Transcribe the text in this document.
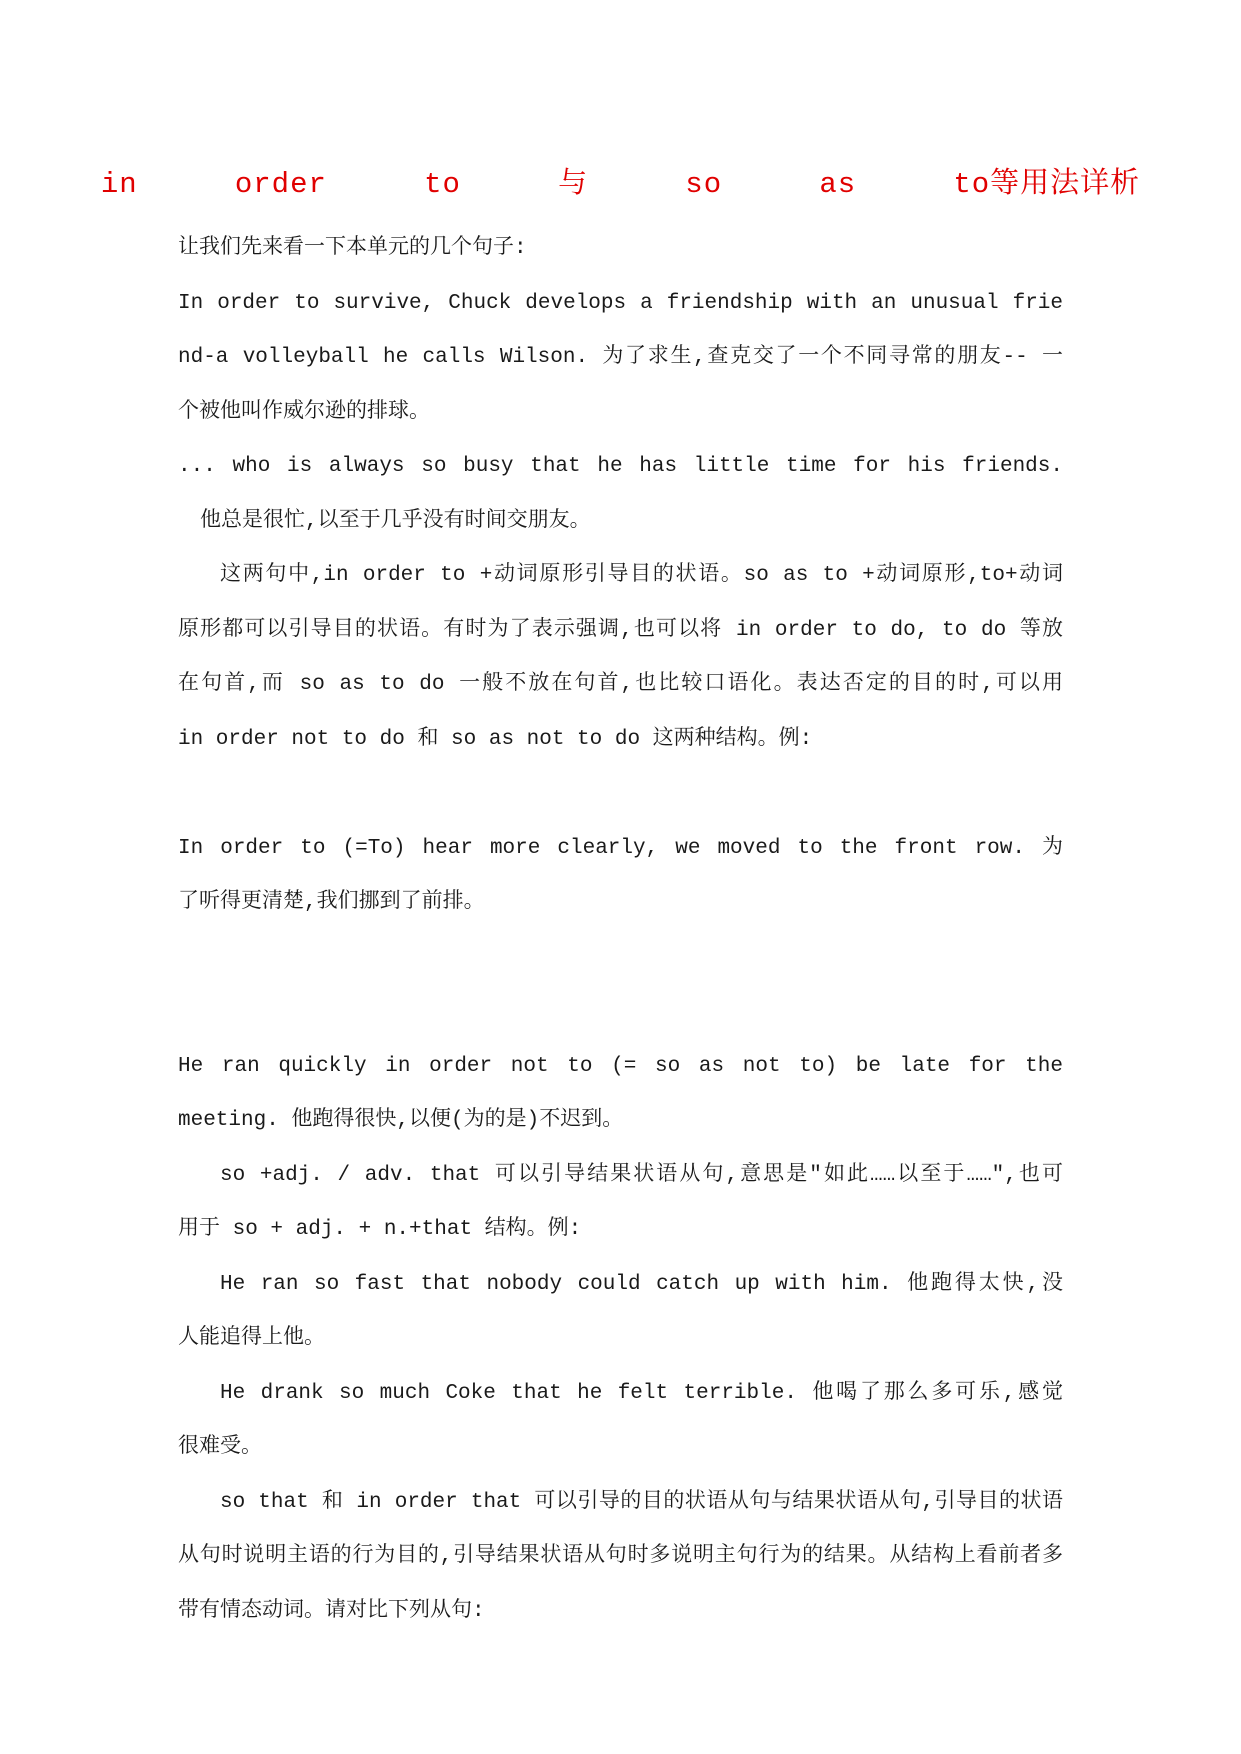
in   order   to   与   so   as   to等用法详析
让我们先来看一下本单元的几个句子:
In order to survive, Chuck develops a friendship with an unusual frie
nd-a volleyball he calls Wilson. 为了求生,查克交了一个不同寻常的朋友-- 一
个被他叫作威尔逊的排球。
... who is always so busy that he has little time for his friends.
他总是很忙,以至于几乎没有时间交朋友。
这两句中,in order to +动词原形引导目的状语。so as to +动词原形,to+动词
原形都可以引导目的状语。有时为了表示强调,也可以将 in order to do, to do 等放
在句首,而 so as to do 一般不放在句首,也比较口语化。表达否定的目的时,可以用
in order not to do 和 so as not to do 这两种结构。例:
In order to (=To) hear more clearly, we moved to the front row. 为
了听得更清楚,我们挪到了前排。
He ran quickly in order not to (= so as not to) be late for the
meeting. 他跑得很快,以便(为的是)不迟到。
so +adj. / adv. that 可以引导结果状语从句,意思是"如此……以至于……",也可
用于 so + adj. + n.+that 结构。例:
He ran so fast that nobody could catch up with him. 他跑得太快,没
人能追得上他。
He drank so much Coke that he felt terrible. 他喝了那么多可乐,感觉
很难受。
so that 和 in order that 可以引导的目的状语从句与结果状语从句,引导目的状语
从句时说明主语的行为目的,引导结果状语从句时多说明主句行为的结果。从结构上看前者多
带有情态动词。请对比下列从句:
